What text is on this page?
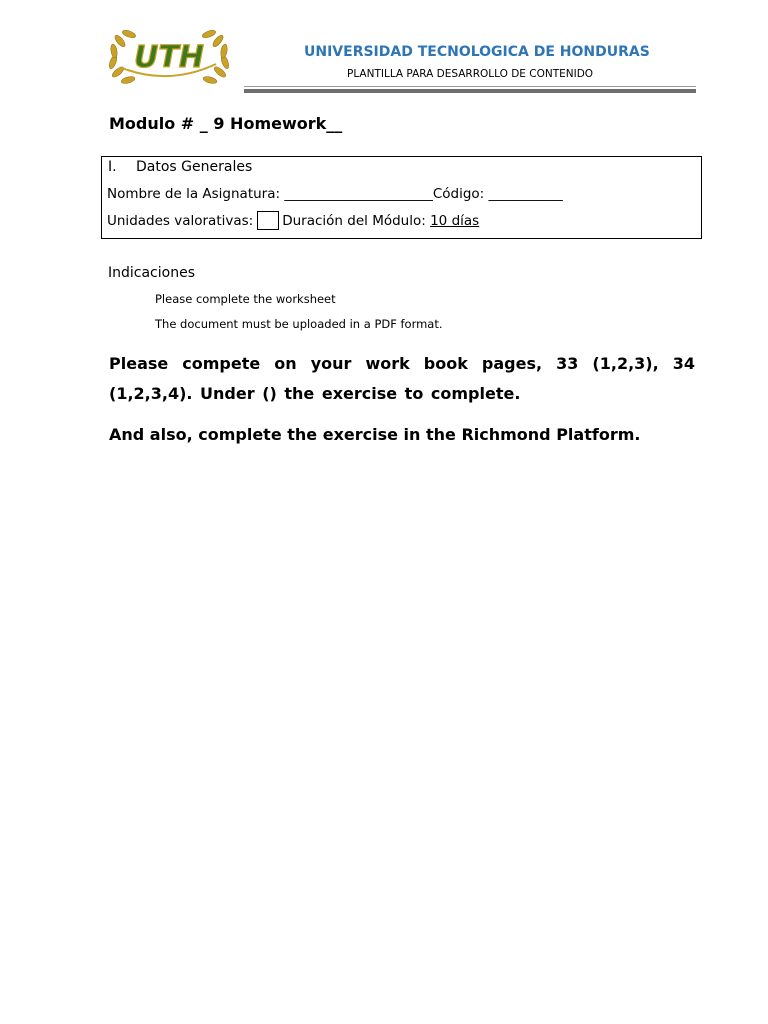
UTH	UNIVERSIDAD TECNOLOGICA DE HONDURAS
PLANTILLA PARA DESARROLLO DE CONTENIDO
Modulo # _ 9 Homework__
I. Datos Generales
Nombre de la Asignatura: ______________________Código: ___________
Unidades valorativas: Duración del Módulo:
10 días
Indicaciones
Please complete the worksheet
The document must be uploaded in a PDF format.
Please compete on your work book pages, 33 (1,2,3), 34 (1,2,3,4). Under () the exercise to complete.
And also, complete the exercise in the Richmond Platform.
